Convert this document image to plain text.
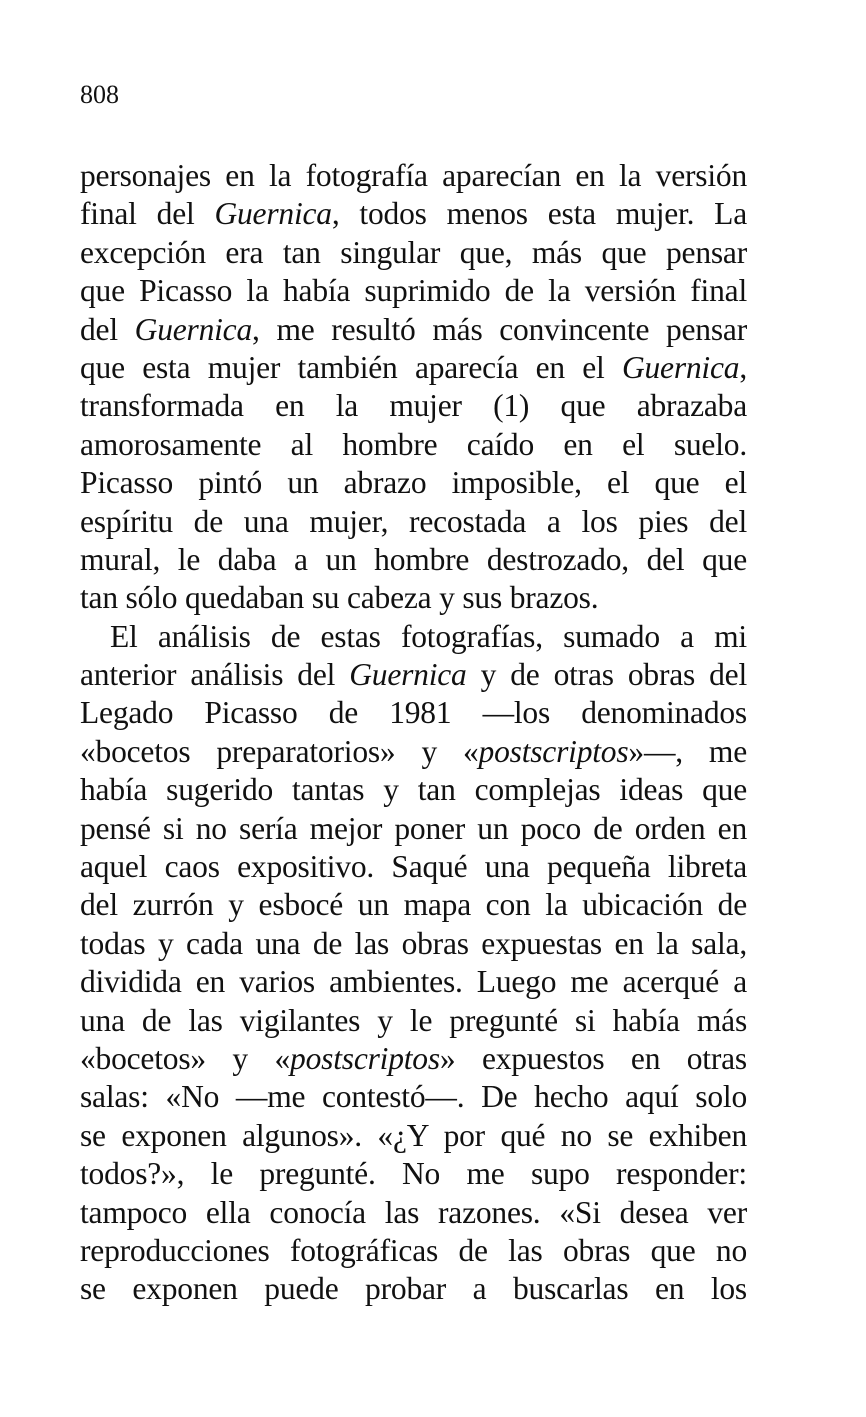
808
personajes en la fotografía aparecían en la versión
final del Guernica, todos menos esta mujer. La
excepción era tan singular que, más que pensar
que Picasso la había suprimido de la versión final
del Guernica, me resultó más convincente pensar
que esta mujer también aparecía en el Guernica,
transformada en la mujer (1) que abrazaba
amorosamente al hombre caído en el suelo.
Picasso pintó un abrazo imposible, el que el
espíritu de una mujer, recostada a los pies del
mural, le daba a un hombre destrozado, del que
tan sólo quedaban su cabeza y sus brazos.
El análisis de estas fotografías, sumado a mi
anterior análisis del Guernica y de otras obras del
Legado Picasso de 1981 —los denominados
«bocetos preparatorios» y «postscriptos»—, me
había sugerido tantas y tan complejas ideas que
pensé si no sería mejor poner un poco de orden en
aquel caos expositivo. Saqué una pequeña libreta
del zurrón y esbocé un mapa con la ubicación de
todas y cada una de las obras expuestas en la sala,
dividida en varios ambientes. Luego me acerqué a
una de las vigilantes y le pregunté si había más
«bocetos» y «postscriptos» expuestos en otras
salas: «No —me contestó—. De hecho aquí solo
se exponen algunos». «¿Y por qué no se exhiben
todos?», le pregunté. No me supo responder:
tampoco ella conocía las razones. «Si desea ver
reproducciones fotográficas de las obras que no
se exponen puede probar a buscarlas en los
